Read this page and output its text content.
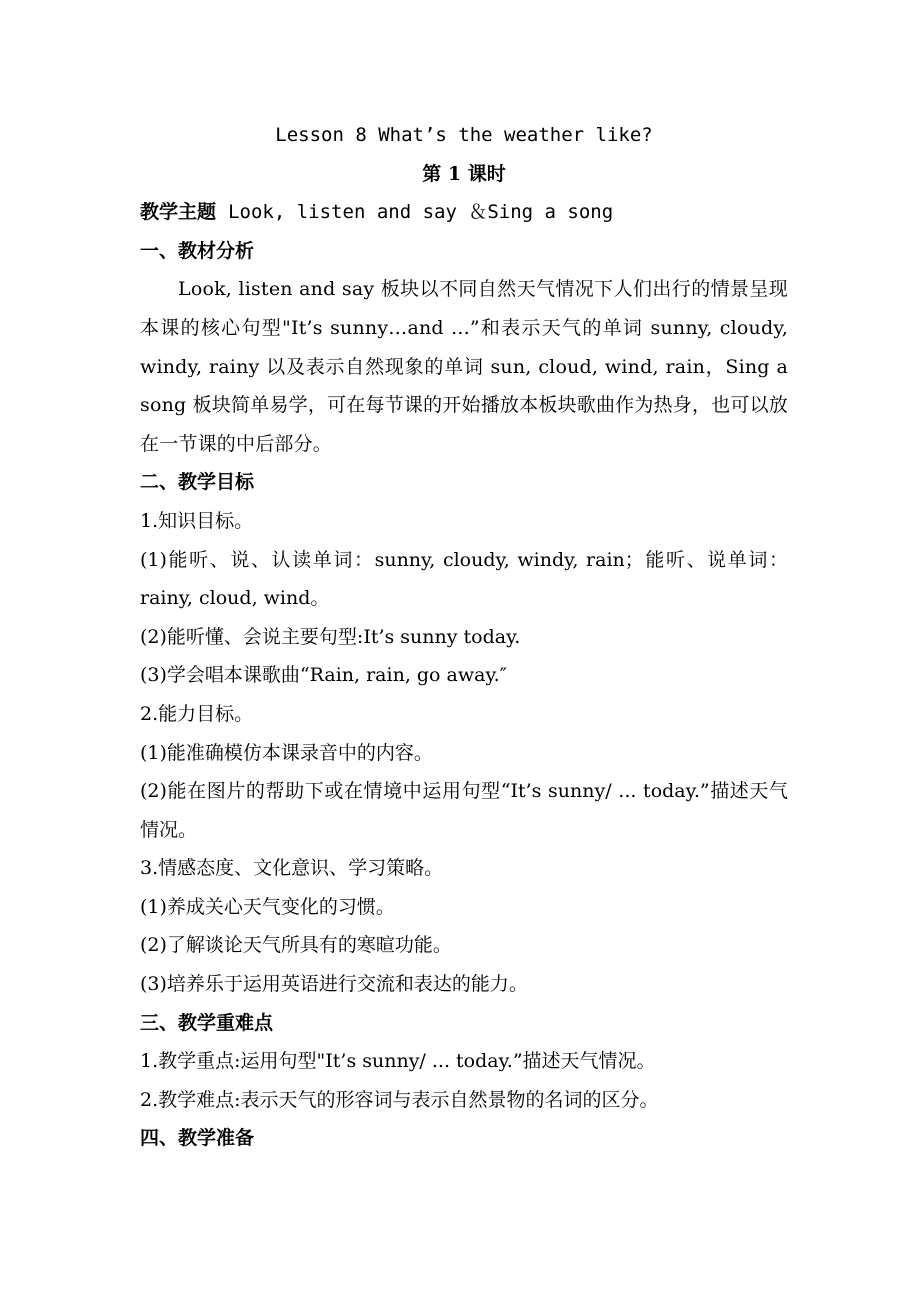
Lesson 8 What’s the weather like?
第 1 课时
教学主题 Look, listen and say ＆Sing a song
一、教材分析

Look, listen and say 板块以不同自然天气情况下人们出行的情景呈现本课的核心句型"It’s sunny…and ...”和表示天气的单词 sunny, cloudy, windy, rainy 以及表示自然现象的单词 sun, cloud, wind, rain，Sing a song 板块简单易学，可在每节课的开始播放本板块歌曲作为热身，也可以放在一节课的中后部分。

二、教学目标
1.知识目标。

(1)能听、说、认读单词：sunny, cloudy, windy, rain；能听、说单词：rainy, cloud, wind。

(2)能听懂、会说主要句型:It’s sunny today.
(3)学会唱本课歌曲“Rain, rain, go away.″
2.能力目标。
(1)能准确模仿本课录音中的内容。

(2)能在图片的帮助下或在情境中运用句型“It’s sunny/ ... today.”描述天气情况。

3.情感态度、文化意识、学习策略。
(1)养成关心天气变化的习惯。
(2)了解谈论天气所具有的寒暄功能。
(3)培养乐于运用英语进行交流和表达的能力。
三、教学重难点
1.教学重点:运用句型"It’s sunny/ ... today.”描述天气情况。
2.教学难点:表示天气的形容词与表示自然景物的名词的区分。
四、教学准备
